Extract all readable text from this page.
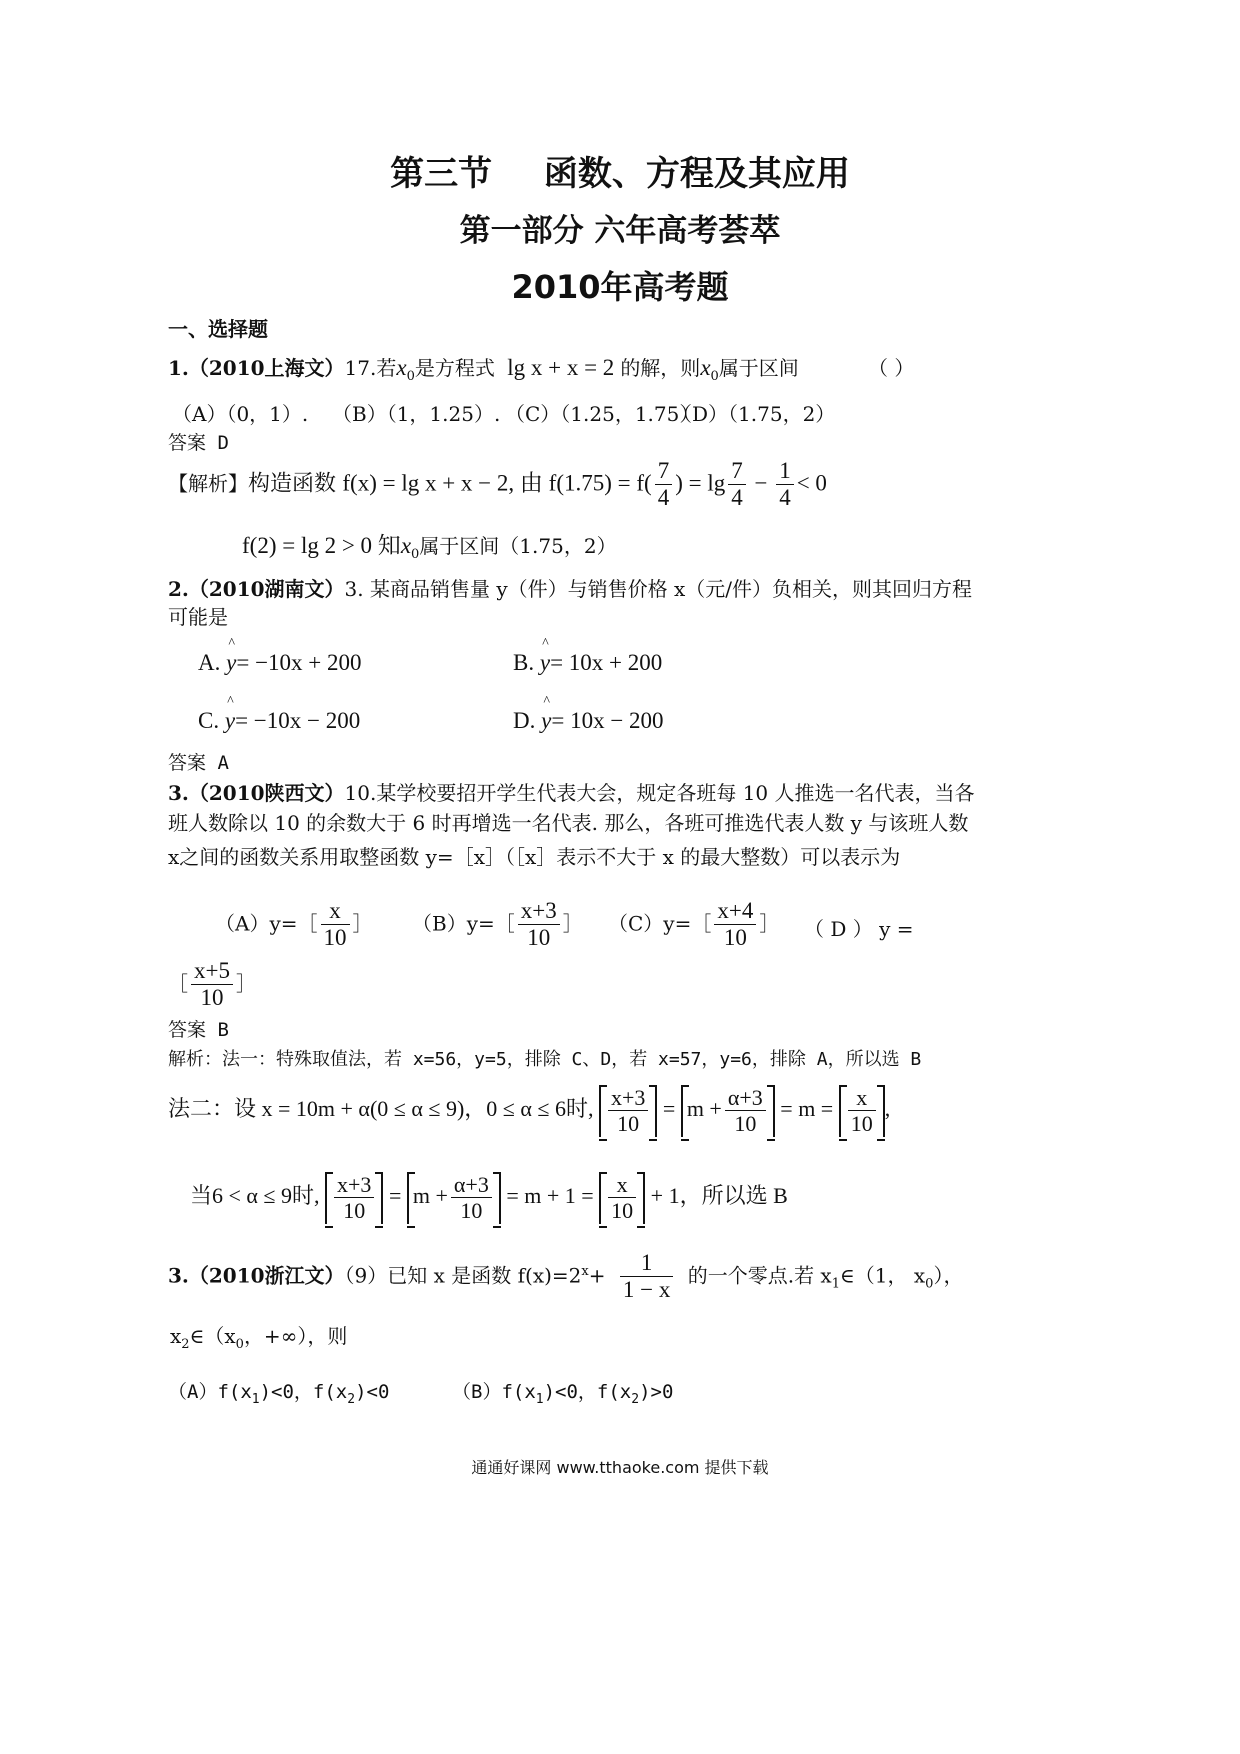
第三节 函数、方程及其应用
第一部分 六年高考荟萃
2010年高考题
一、选择题
1.（2010上海文）17.若$x_0$是方程式 lg x + x = 2 的解，则$x_0$属于区间	（ ）
（A）（0，1）. （B）（1，1.25）. （C）（1.25，1.75）
（D）（1.75，2）
答案 D
【解析】构造函数 f(x) = lg x + x − 2, 由 $f(1.75) = f( \frac{7}{4}$ ) = $\lg \frac{7}{4} - \frac{1}{4} < 0$
f(2) = lg 2 > 0 知$x_0$属于区间（1.75，2）
2.（2010湖南文）3. 某商品销售量 y（件）与销售价格 x（元/件）负相关，则其回归方程
可能是
A. ^ y= −10x + 200	B. ^ y= 10x + 200
C. ^ y= −10x − 200	D. ^ y= 10x − 200
答案 A
3.（2010陕西文）10.某学校要招开学生代表大会，规定各班每 10 人推选一名代表，当各
班人数除以 10 的余数大于 6 时再增选一名代表. 那么，各班可推选代表人数 y 与该班人数
x之间的函数关系用取整函数 y=［x］（［x］表示不大于 x 的最大整数）可以表示为
（A）y=［ $\frac{x}{10}$ ］ （B）y=［ $\frac{x+3}{10}$ ］ （C）y=［ $\frac{x+4}{10}$ ］ （ D ） y =
［ $\frac{x+5}{10}$ ］
答案 B
解析：法一：特殊取值法，若 x=56，y=5，排除 C、D，若 x=57，y=6，排除 A，所以选 B
法二：设 x = 10m + α(0 ≤ α ≤ 9)，0 ≤ α ≤ 6时, $\frac{x+3}{10} = m + \frac{\alpha+3}{10} = m = \frac{x}{10}$ ,
当6 < α ≤ 9时, $\frac{x+3}{10} = m + \frac{\alpha+3}{10} = m + 1 = \frac{x}{10} + 1$，所以选 B
3.（2010浙江文）（9）已知 x 是函数 $f(x)=2^x+ \frac{1}{1 - x}$ 的一个零点.若 $x_1\in(1$， $x_0$），
$x_2\in(x_0$，+∞），则
$(A)f(x_1)<0$，$f(x_2)<0$	$(B)f(x_1)<0$，$f(x_2)>0$
通通好课网 www.tthaoke.com 提供下载
